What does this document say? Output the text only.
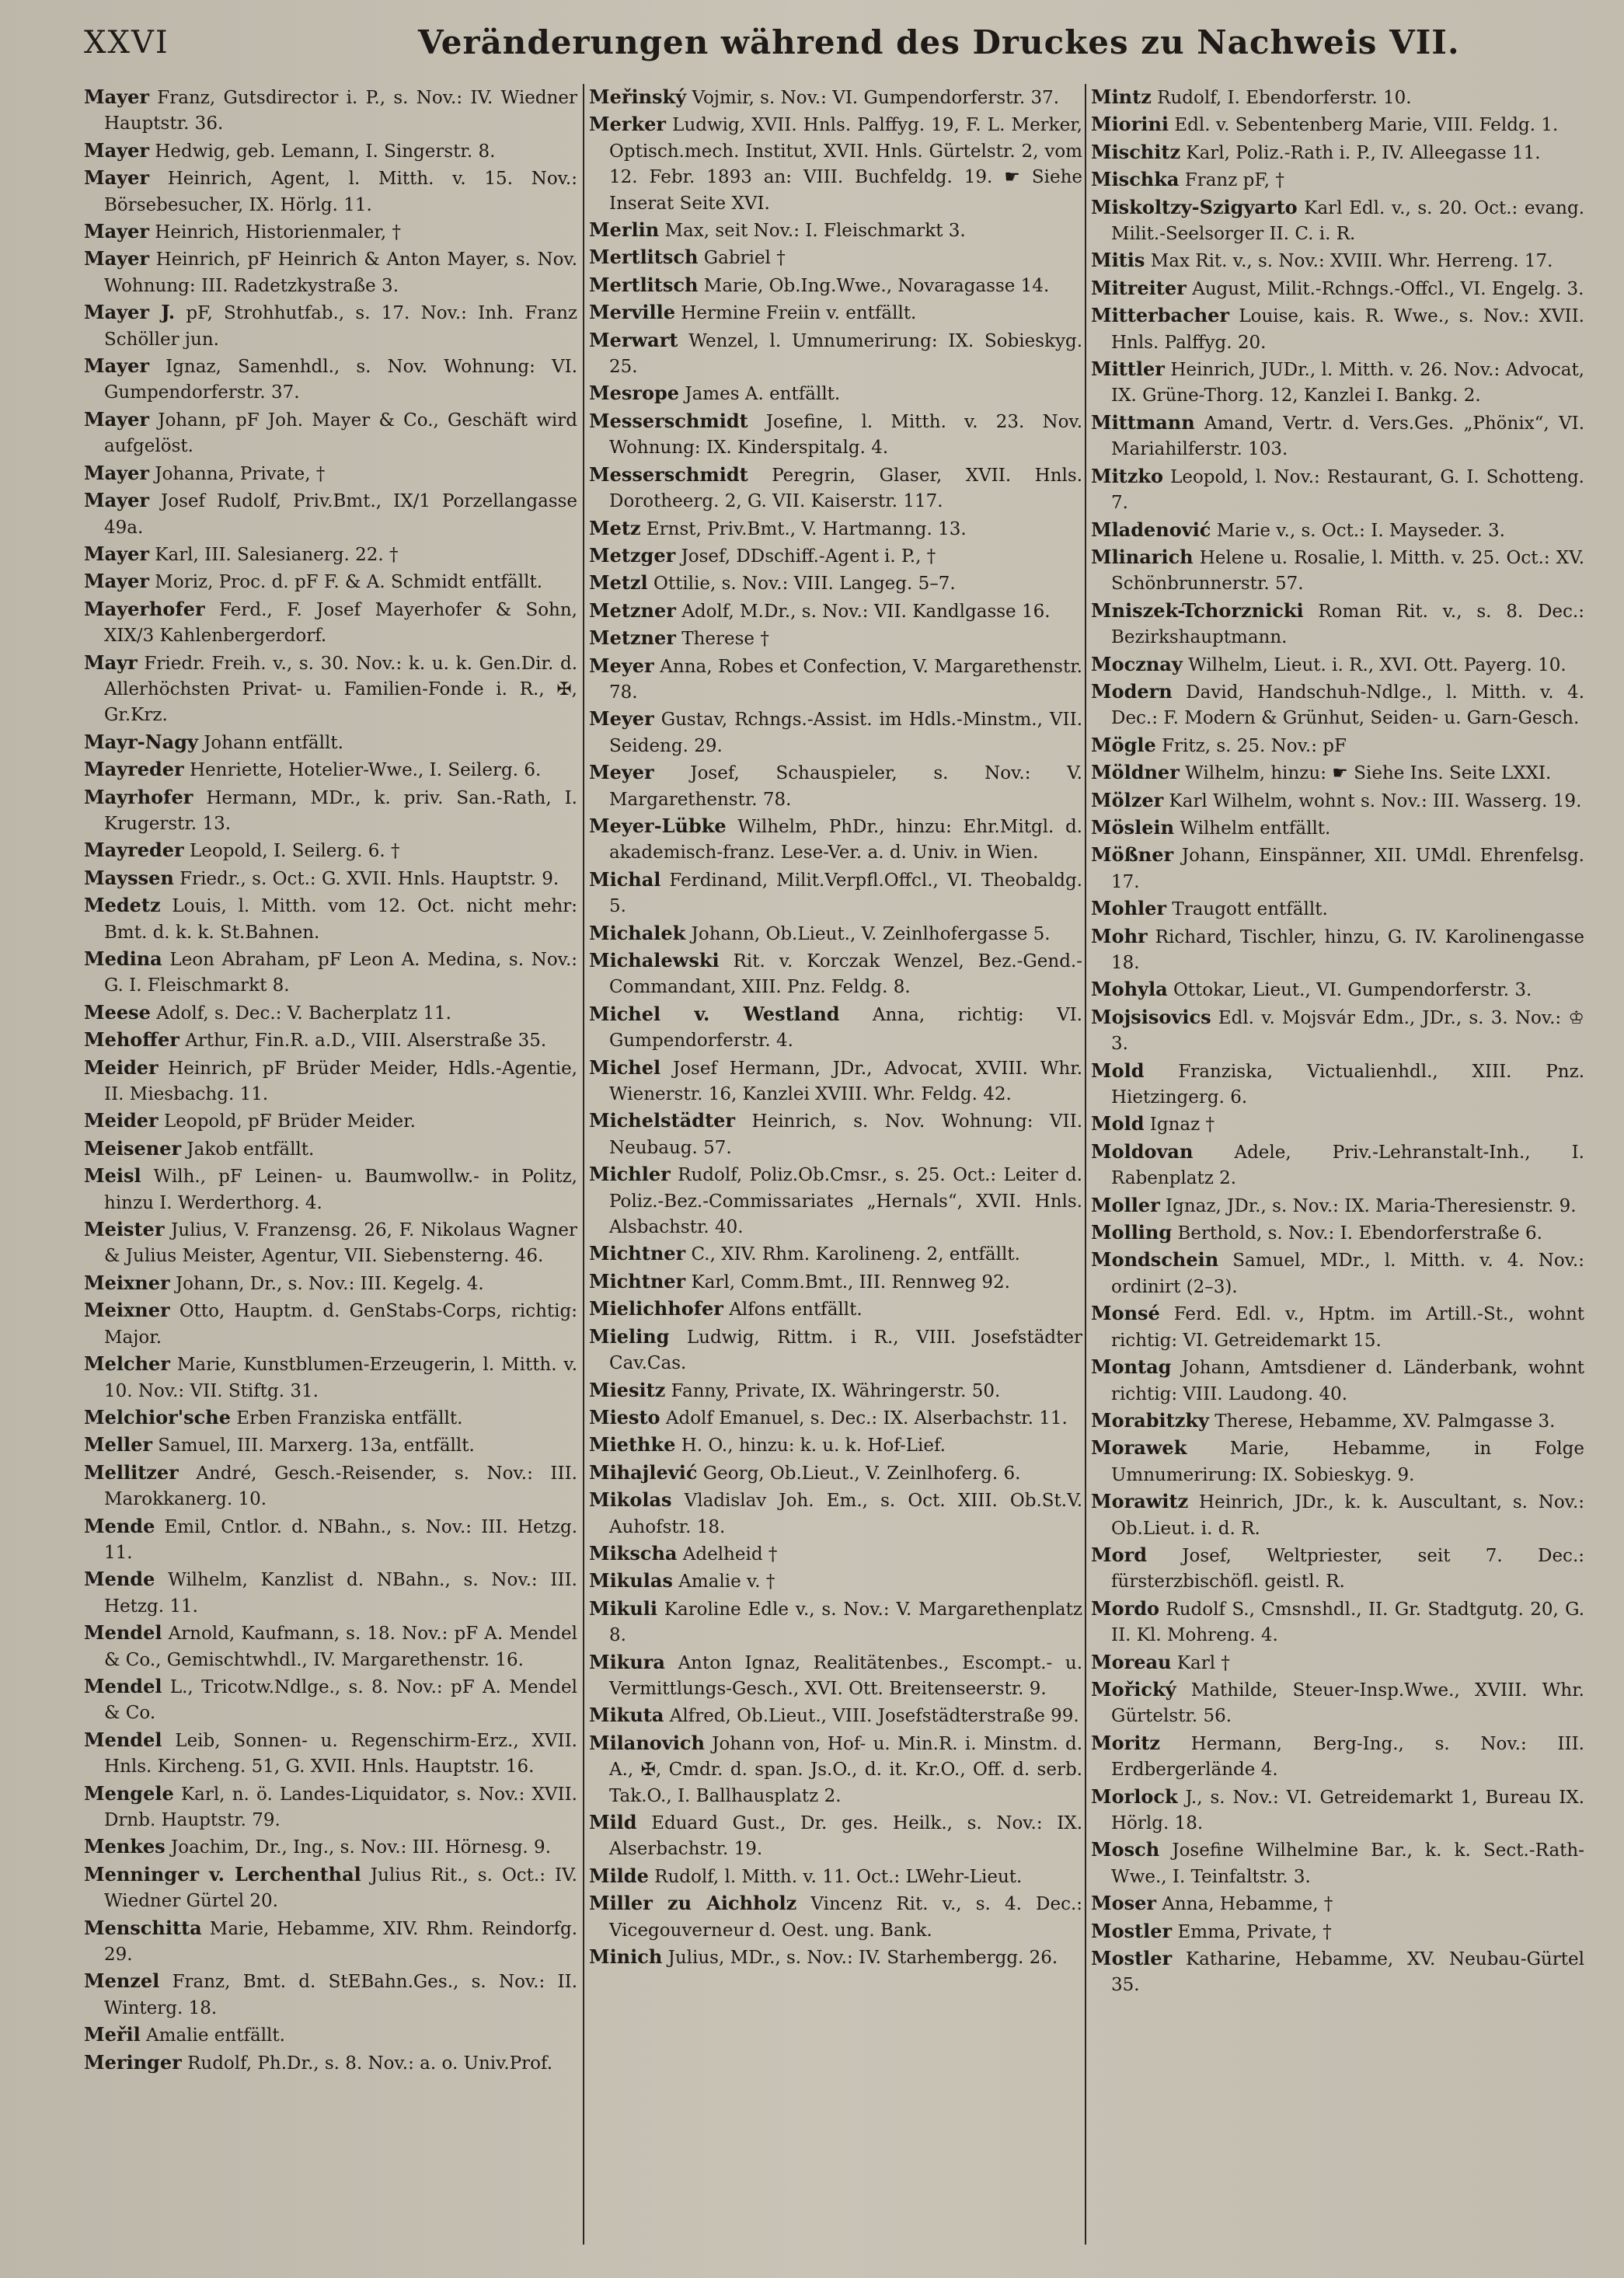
XXVI	Veränderungen während des Druckes zu Nachweis VII.
Mayer Franz, Gutsdirector i. P., s. Nov.: IV. Wiedner Hauptstr. 36.
Mayer Hedwig, geb. Lemann, I. Singerstr. 8.
Mayer Heinrich, Agent, l. Mitth. v. 15. Nov.: Börsebesucher, IX. Hörlg. 11.
Mayer Heinrich, Historienmaler, †
Mayer Heinrich, pF Heinrich & Anton Mayer, s. Nov. Wohnung: III. Radetzkystraße 3.
Mayer J. pF, Strohhutfab., s. 17. Nov.: Inh. Franz Schöller jun.
Mayer Ignaz, Samenhdl., s. Nov. Wohnung: VI. Gumpendorferstr. 37.
Mayer Johann, pF Joh. Mayer & Co., Geschäft wird aufgelöst.
Mayer Johanna, Private, †
Mayer Josef Rudolf, Priv.Bmt., IX/1 Porzellangasse 49a.
Mayer Karl, III. Salesianerg. 22. †
Mayer Moriz, Proc. d. pF F. & A. Schmidt entfällt.
Mayerhofer Ferd., F. Josef Mayerhofer & Sohn, XIX/3 Kahlenbergerdorf.
Mayr Friedr. Freih. v., s. 30. Nov.: k. u. k. Gen.Dir. d. Allerhöchsten Privat- u. Familien-Fonde i. R., ✠, Gr.Krz.
Mayr-Nagy Johann entfällt.
Mayreder Henriette, Hotelier-Wwe., I. Seilerg. 6.
Mayrhofer Hermann, MDr., k. priv. San.-Rath, I. Krugerstr. 13.
Mayreder Leopold, I. Seilerg. 6. †
Mayssen Friedr., s. Oct.: G. XVII. Hnls. Hauptstr. 9.
Medetz Louis, l. Mitth. vom 12. Oct. nicht mehr: Bmt. d. k. k. St.Bahnen.
Medina Leon Abraham, pF Leon A. Medina, s. Nov.: G. I. Fleischmarkt 8.
Meese Adolf, s. Dec.: V. Bacherplatz 11.
Mehoffer Arthur, Fin.R. a.D., VIII. Alserstraße 35.
Meider Heinrich, pF Brüder Meider, Hdls.-Agentie, II. Miesbachg. 11.
Meider Leopold, pF Brüder Meider.
Meisener Jakob entfällt.
Meisl Wilh., pF Leinen- u. Baumwollw.- in Politz, hinzu I. Werderthorg. 4.
Meister Julius, V. Franzensg. 26, F. Nikolaus Wagner & Julius Meister, Agentur, VII. Siebensterng. 46.
Meixner Johann, Dr., s. Nov.: III. Kegelg. 4.
Meixner Otto, Hauptm. d. GenStabs-Corps, richtig: Major.
Melcher Marie, Kunstblumen-Erzeugerin, l. Mitth. v. 10. Nov.: VII. Stiftg. 31.
Melchior'sche Erben Franziska entfällt.
Meller Samuel, III. Marxerg. 13a, entfällt.
Mellitzer André, Gesch.-Reisender, s. Nov.: III. Marokkanerg. 10.
Mende Emil, Cntlor. d. NBahn., s. Nov.: III. Hetzg. 11.
Mende Wilhelm, Kanzlist d. NBahn., s. Nov.: III. Hetzg. 11.
Mendel Arnold, Kaufmann, s. 18. Nov.: pF A. Mendel & Co., Gemischtwhdl., IV. Margarethenstr. 16.
Mendel L., Tricotw.Ndlge., s. 8. Nov.: pF A. Mendel & Co.
Mendel Leib, Sonnen- u. Regenschirm-Erz., XVII. Hnls. Kircheng. 51, G. XVII. Hnls. Hauptstr. 16.
Mengele Karl, n. ö. Landes-Liquidator, s. Nov.: XVII. Drnb. Hauptstr. 79.
Menkes Joachim, Dr., Ing., s. Nov.: III. Hörnesg. 9.
Menninger v. Lerchenthal Julius Rit., s. Oct.: IV. Wiedner Gürtel 20.
Menschitta Marie, Hebamme, XIV. Rhm. Reindorfg. 29.
Menzel Franz, Bmt. d. StEBahn.Ges., s. Nov.: II. Winterg. 18.
Meřil Amalie entfällt.
Meringer Rudolf, Ph.Dr., s. 8. Nov.: a. o. Univ.Prof.
Meřinský Vojmir, s. Nov.: VI. Gumpendorferstr. 37.
Merker Ludwig, XVII. Hnls. Palffyg. 19, F. L. Merker, Optisch.mech. Institut, XVII. Hnls. Gürtelstr. 2, vom 12. Febr. 1893 an: VIII. Buchfeldg. 19. ☛ Siehe Inserat Seite XVI.
Merlin Max, seit Nov.: I. Fleischmarkt 3.
Mertlitsch Gabriel †
Mertlitsch Marie, Ob.Ing.Wwe., Novaragasse 14.
Merville Hermine Freiin v. entfällt.
Merwart Wenzel, l. Umnumerirung: IX. Sobieskyg. 25.
Mesrope James A. entfällt.
Messerschmidt Josefine, l. Mitth. v. 23. Nov. Wohnung: IX. Kinderspitalg. 4.
Messerschmidt Peregrin, Glaser, XVII. Hnls. Dorotheerg. 2, G. VII. Kaiserstr. 117.
Metz Ernst, Priv.Bmt., V. Hartmanng. 13.
Metzger Josef, DDschiff.-Agent i. P., †
Metzl Ottilie, s. Nov.: VIII. Langeg. 5–7.
Metzner Adolf, M.Dr., s. Nov.: VII. Kandlgasse 16.
Metzner Therese †
Meyer Anna, Robes et Confection, V. Margarethenstr. 78.
Meyer Gustav, Rchngs.-Assist. im Hdls.-Minstm., VII. Seideng. 29.
Meyer Josef, Schauspieler, s. Nov.: V. Margarethenstr. 78.
Meyer-Lübke Wilhelm, PhDr., hinzu: Ehr.Mitgl. d. akademisch-franz. Lese-Ver. a. d. Univ. in Wien.
Michal Ferdinand, Milit.Verpfl.Offcl., VI. Theobaldg. 5.
Michalek Johann, Ob.Lieut., V. Zeinlhofergasse 5.
Michalewski Rit. v. Korczak Wenzel, Bez.-Gend.-Commandant, XIII. Pnz. Feldg. 8.
Michel v. Westland Anna, richtig: VI. Gumpendorferstr. 4.
Michel Josef Hermann, JDr., Advocat, XVIII. Whr. Wienerstr. 16, Kanzlei XVIII. Whr. Feldg. 42.
Michelstädter Heinrich, s. Nov. Wohnung: VII. Neubaug. 57.
Michler Rudolf, Poliz.Ob.Cmsr., s. 25. Oct.: Leiter d. Poliz.-Bez.-Commissariates „Hernals“, XVII. Hnls. Alsbachstr. 40.
Michtner C., XIV. Rhm. Karolineng. 2, entfällt.
Michtner Karl, Comm.Bmt., III. Rennweg 92.
Mielichhofer Alfons entfällt.
Mieling Ludwig, Rittm. i R., VIII. Josefstädter Cav.Cas.
Miesitz Fanny, Private, IX. Währingerstr. 50.
Miesto Adolf Emanuel, s. Dec.: IX. Alserbachstr. 11.
Miethke H. O., hinzu: k. u. k. Hof-Lief.
Mihajlević Georg, Ob.Lieut., V. Zeinlhoferg. 6.
Mikolas Vladislav Joh. Em., s. Oct. XIII. Ob.St.V. Auhofstr. 18.
Mikscha Adelheid †
Mikulas Amalie v. †
Mikuli Karoline Edle v., s. Nov.: V. Margarethenplatz 8.
Mikura Anton Ignaz, Realitätenbes., Escompt.- u. Vermittlungs-Gesch., XVI. Ott. Breitenseerstr. 9.
Mikuta Alfred, Ob.Lieut., VIII. Josefstädterstraße 99.
Milanovich Johann von, Hof- u. Min.R. i. Minstm. d. A., ✠, Cmdr. d. span. Js.O., d. it. Kr.O., Off. d. serb. Tak.O., I. Ballhausplatz 2.
Mild Eduard Gust., Dr. ges. Heilk., s. Nov.: IX. Alserbachstr. 19.
Milde Rudolf, l. Mitth. v. 11. Oct.: LWehr-Lieut.
Miller zu Aichholz Vincenz Rit. v., s. 4. Dec.: Vicegouverneur d. Oest. ung. Bank.
Minich Julius, MDr., s. Nov.: IV. Starhembergg. 26.
Mintz Rudolf, I. Ebendorferstr. 10.
Miorini Edl. v. Sebentenberg Marie, VIII. Feldg. 1.
Mischitz Karl, Poliz.-Rath i. P., IV. Alleegasse 11.
Mischka Franz pF, †
Miskoltzy-Szigyarto Karl Edl. v., s. 20. Oct.: evang. Milit.-Seelsorger II. C. i. R.
Mitis Max Rit. v., s. Nov.: XVIII. Whr. Herreng. 17.
Mitreiter August, Milit.-Rchngs.-Offcl., VI. Engelg. 3.
Mitterbacher Louise, kais. R. Wwe., s. Nov.: XVII. Hnls. Palffyg. 20.
Mittler Heinrich, JUDr., l. Mitth. v. 26. Nov.: Advocat, IX. Grüne-Thorg. 12, Kanzlei I. Bankg. 2.
Mittmann Amand, Vertr. d. Vers.Ges. „Phönix“, VI. Mariahilferstr. 103.
Mitzko Leopold, l. Nov.: Restaurant, G. I. Schotteng. 7.
Mladenović Marie v., s. Oct.: I. Mayseder. 3.
Mlinarich Helene u. Rosalie, l. Mitth. v. 25. Oct.: XV. Schönbrunnerstr. 57.
Mniszek-Tchorznicki Roman Rit. v., s. 8. Dec.: Bezirkshauptmann.
Mocznay Wilhelm, Lieut. i. R., XVI. Ott. Payerg. 10.
Modern David, Handschuh-Ndlge., l. Mitth. v. 4. Dec.: F. Modern & Grünhut, Seiden- u. Garn-Gesch.
Mögle Fritz, s. 25. Nov.: pF
Möldner Wilhelm, hinzu: ☛ Siehe Ins. Seite LXXI.
Mölzer Karl Wilhelm, wohnt s. Nov.: III. Wasserg. 19.
Möslein Wilhelm entfällt.
Mößner Johann, Einspänner, XII. UMdl. Ehrenfelsg. 17.
Mohler Traugott entfällt.
Mohr Richard, Tischler, hinzu, G. IV. Karolinengasse 18.
Mohyla Ottokar, Lieut., VI. Gumpendorferstr. 3.
Mojsisovics Edl. v. Mojsvár Edm., JDr., s. 3. Nov.: ♔ 3.
Mold Franziska, Victualienhdl., XIII. Pnz. Hietzingerg. 6.
Mold Ignaz †
Moldovan Adele, Priv.-Lehranstalt-Inh., I. Rabenplatz 2.
Moller Ignaz, JDr., s. Nov.: IX. Maria-Theresienstr. 9.
Molling Berthold, s. Nov.: I. Ebendorferstraße 6.
Mondschein Samuel, MDr., l. Mitth. v. 4. Nov.: ordinirt (2–3).
Monsé Ferd. Edl. v., Hptm. im Artill.-St., wohnt richtig: VI. Getreidemarkt 15.
Montag Johann, Amtsdiener d. Länderbank, wohnt richtig: VIII. Laudong. 40.
Morabitzky Therese, Hebamme, XV. Palmgasse 3.
Morawek Marie, Hebamme, in Folge Umnumerirung: IX. Sobieskyg. 9.
Morawitz Heinrich, JDr., k. k. Auscultant, s. Nov.: Ob.Lieut. i. d. R.
Mord Josef, Weltpriester, seit 7. Dec.: fürsterzbischöfl. geistl. R.
Mordo Rudolf S., Cmsnshdl., II. Gr. Stadtgutg. 20, G. II. Kl. Mohreng. 4.
Moreau Karl †
Mořický Mathilde, Steuer-Insp.Wwe., XVIII. Whr. Gürtelstr. 56.
Moritz Hermann, Berg-Ing., s. Nov.: III. Erdbergerlände 4.
Morlock J., s. Nov.: VI. Getreidemarkt 1, Bureau IX. Hörlg. 18.
Mosch Josefine Wilhelmine Bar., k. k. Sect.-Rath-Wwe., I. Teinfaltstr. 3.
Moser Anna, Hebamme, †
Mostler Emma, Private, †
Mostler Katharine, Hebamme, XV. Neubau-Gürtel 35.
